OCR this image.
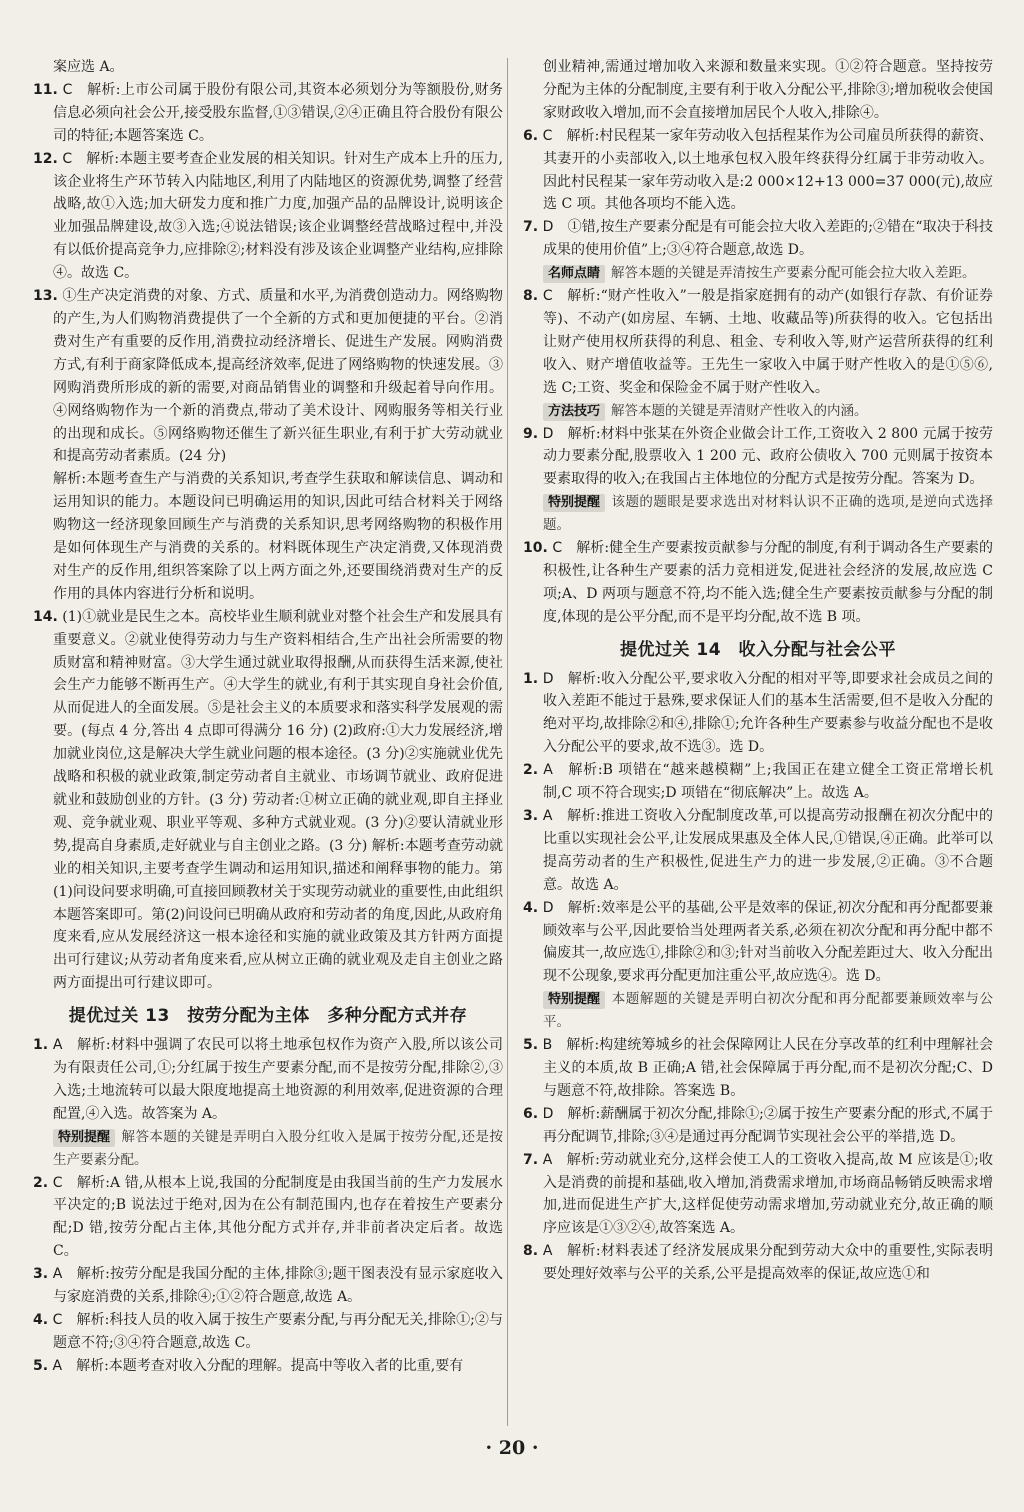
案应选 A。

11. C　 解析:上市公司属于股份有限公司,其资本必须划分为等额股份,财务信息必须向社会公开,接受股东监督,①③错误,②④正确且符合股份有限公司的特征;本题答案选 C。

12. C　 解析:本题主要考查企业发展的相关知识。针对生产成本上升的压力,该企业将生产环节转入内陆地区,利用了内陆地区的资源优势,调整了经营战略,故①入选;加大研发力度和推广力度,加强产品的品牌设计,说明该企业加强品牌建设,故③入选;④说法错误;该企业调整经营战略过程中,并没有以低价提高竞争力,应排除②;材料没有涉及该企业调整产业结构,应排除④。故选 C。

13. ①生产决定消费的对象、方式、质量和水平,为消费创造动力。网络购物的产生,为人们购物消费提供了一个全新的方式和更加便捷的平台。②消费对生产有重要的反作用,消费拉动经济增长、促进生产发展。网购消费方式,有利于商家降低成本,提高经济效率,促进了网络购物的快速发展。③网购消费所形成的新的需要,对商品销售业的调整和升级起着导向作用。④网络购物作为一个新的消费点,带动了美术设计、网购服务等相关行业的出现和成长。⑤网络购物还催生了新兴征生职业,有利于扩大劳动就业和提高劳动者素质。(24 分)

解析:本题考查生产与消费的关系知识,考查学生获取和解读信息、调动和运用知识的能力。本题设问已明确运用的知识,因此可结合材料关于网络购物这一经济现象回顾生产与消费的关系知识,思考网络购物的积极作用是如何体现生产与消费的关系的。材料既体现生产决定消费,又体现消费对生产的反作用,组织答案除了以上两方面之外,还要围绕消费对生产的反作用的具体内容进行分析和说明。

14. (1)①就业是民生之本。高校毕业生顺利就业对整个社会生产和发展具有重要意义。②就业使得劳动力与生产资料相结合,生产出社会所需要的物质财富和精神财富。③大学生通过就业取得报酬,从而获得生活来源,使社会生产力能够不断再生产。④大学生的就业,有利于其实现自身社会价值,从而促进人的全面发展。⑤是社会主义的本质要求和落实科学发展观的需要。(每点 4 分,答出 4 点即可得满分 16 分) (2)政府:①大力发展经济,增加就业岗位,这是解决大学生就业问题的根本途径。(3 分)②实施就业优先战略和积极的就业政策,制定劳动者自主就业、市场调节就业、政府促进就业和鼓励创业的方针。(3 分) 劳动者:①树立正确的就业观,即自主择业观、竞争就业观、职业平等观、多种方式就业观。(3 分)②要认清就业形势,提高自身素质,走好就业与自主创业之路。(3 分) 解析:本题考查劳动就业的相关知识,主要考查学生调动和运用知识,描述和阐释事物的能力。第(1)问设问要求明确,可直接回顾教材关于实现劳动就业的重要性,由此组织本题答案即可。第(2)问设问已明确从政府和劳动者的角度,因此,从政府角度来看,应从发展经济这一根本途径和实施的就业政策及其方针两方面提出可行建议;从劳动者角度来看,应从树立正确的就业观及走自主创业之路两方面提出可行建议即可。

提优过关 13　按劳分配为主体　多种分配方式并存

1. A　 解析:材料中强调了农民可以将土地承包权作为资产入股,所以该公司为有限责任公司,①;分红属于按生产要素分配,而不是按劳分配,排除②,③入选;土地流转可以最大限度地提高土地资源的利用效率,促进资源的合理配置,④入选。故答案为 A。

特别提醒 解答本题的关键是弄明白入股分红收入是属于按劳分配,还是按生产要素分配。

2. C　 解析:A 错,从根本上说,我国的分配制度是由我国当前的生产力发展水平决定的;B 说法过于绝对,因为在公有制范围内,也存在着按生产要素分配;D 错,按劳分配占主体,其他分配方式并存,并非前者决定后者。故选 C。

3. A　 解析:按劳分配是我国分配的主体,排除③;题干图表没有显示家庭收入与家庭消费的关系,排除④;①②符合题意,故选 A。

4. C　 解析:科技人员的收入属于按生产要素分配,与再分配无关,排除①;②与题意不符;③④符合题意,故选 C。

5. A　 解析:本题考查对收入分配的理解。提高中等收入者的比重,要有

创业精神,需通过增加收入来源和数量来实现。①②符合题意。坚持按劳分配为主体的分配制度,主要有利于收入分配公平,排除③;增加税收会使国家财政收入增加,而不会直接增加居民个人收入,排除④。

6. C　 解析:村民程某一家年劳动收入包括程某作为公司雇员所获得的薪资、其妻开的小卖部收入,以土地承包权入股年终获得分红属于非劳动收入。因此村民程某一家年劳动收入是:2 000×12+13 000=37 000(元),故应选 C 项。其他各项均不能入选。

7. D　 ①错,按生产要素分配是有可能会拉大收入差距的;②错在“取决于科技成果的使用价值”上;③④符合题意,故选 D。

名师点睛 解答本题的关键是弄清按生产要素分配可能会拉大收入差距。

8. C　 解析:“财产性收入”一般是指家庭拥有的动产(如银行存款、有价证券等)、不动产(如房屋、车辆、土地、收藏品等)所获得的收入。它包括出让财产使用权所获得的利息、租金、专利收入等,财产运营所获得的红利收入、财产增值收益等。王先生一家收入中属于财产性收入的是①⑤⑥,选 C;工资、奖金和保险金不属于财产性收入。

方法技巧 解答本题的关键是弄清财产性收入的内涵。

9. D　 解析:材料中张某在外资企业做会计工作,工资收入 2 800 元属于按劳动力要素分配,股票收入 1 200 元、政府公债收入 700 元则属于按资本要素取得的收入;在我国占主体地位的分配方式是按劳分配。答案为 D。

特别提醒 该题的题眼是要求选出对材料认识不正确的选项,是逆向式选择题。

10. C　 解析:健全生产要素按贡献参与分配的制度,有利于调动各生产要素的积极性,让各种生产要素的活力竞相迸发,促进社会经济的发展,故应选 C 项;A、D 两项与题意不符,均不能入选;健全生产要素按贡献参与分配的制度,体现的是公平分配,而不是平均分配,故不选 B 项。

提优过关 14　收入分配与社会公平

1. D　 解析:收入分配公平,要求收入分配的相对平等,即要求社会成员之间的收入差距不能过于悬殊,要求保证人们的基本生活需要,但不是收入分配的绝对平均,故排除②和④,排除①;允许各种生产要素参与收益分配也不是收入分配公平的要求,故不选③。选 D。

2. A　 解析:B 项错在“越来越模糊”上;我国正在建立健全工资正常增长机制,C 项不符合现实;D 项错在“彻底解决”上。故选 A。

3. A　 解析:推进工资收入分配制度改革,可以提高劳动报酬在初次分配中的比重以实现社会公平,让发展成果惠及全体人民,①错误,④正确。此举可以提高劳动者的生产积极性,促进生产力的进一步发展,②正确。③不合题意。故选 A。

4. D　 解析:效率是公平的基础,公平是效率的保证,初次分配和再分配都要兼顾效率与公平,因此要恰当处理两者关系,必须在初次分配和再分配中都不偏废其一,故应选①,排除②和③;针对当前收入分配差距过大、收入分配出现不公现象,要求再分配更加注重公平,故应选④。选 D。

特别提醒 本题解题的关键是弄明白初次分配和再分配都要兼顾效率与公平。

5. B　 解析:构建统筹城乡的社会保障网让人民在分享改革的红利中理解社会主义的本质,故 B 正确;A 错,社会保障属于再分配,而不是初次分配;C、D 与题意不符,故排除。答案选 B。

6. D　 解析:薪酬属于初次分配,排除①;②属于按生产要素分配的形式,不属于再分配调节,排除;③④是通过再分配调节实现社会公平的举措,选 D。

7. A　 解析:劳动就业充分,这样会使工人的工资收入提高,故 M 应该是①;收入是消费的前提和基础,收入增加,消费需求增加,市场商品畅销反映需求增加,进而促进生产扩大,这样促使劳动需求增加,劳动就业充分,故正确的顺序应该是①③②④,故答案选 A。

8. A　 解析:材料表述了经济发展成果分配到劳动大众中的重要性,实际表明要处理好效率与公平的关系,公平是提高效率的保证,故应选①和

· 20 ·
